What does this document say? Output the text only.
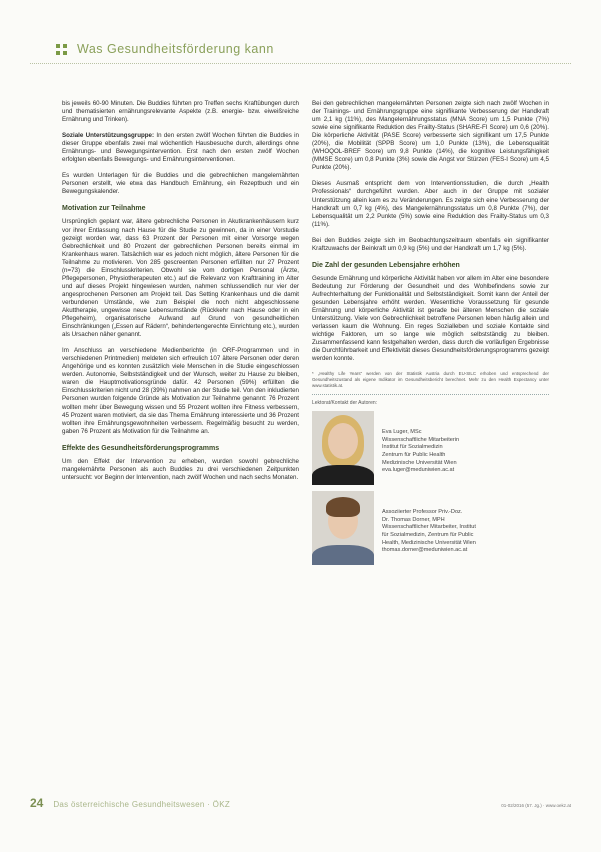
Was Gesundheitsförderung kann

bis jeweils 60-90 Minuten. Die Buddies führten pro Treffen sechs Kraftübungen durch und thematisierten ernährungsrelevante Aspekte (z.B. energie- bzw. eiweißreiche Ernährung und Trinken).

Soziale Unterstützungsgruppe: In den ersten zwölf Wochen führten die Buddies in dieser Gruppe ebenfalls zwei mal wöchentlich Hausbesuche durch, allerdings ohne Ernährungs- und Bewegungsintervention. Erst nach den ersten zwölf Wochen erfolgten ebenfalls Bewegungs- und Ernährungsinterventionen.

Es wurden Unterlagen für die Buddies und die gebrechlichen mangelernährten Personen erstellt, wie etwa das Handbuch Ernährung, ein Rezeptbuch und ein Bewegungskalender.

Motivation zur Teilnahme

Ursprünglich geplant war, ältere gebrechliche Personen in Akutkrankenhäusern kurz vor ihrer Entlassung nach Hause für die Studie zu gewinnen, da in einer Vorstudie gezeigt worden war, dass 63 Prozent der Personen mit einer Vorsorge wegen Gebrechlichkeit und 80 Prozent der gebrechlichen Personen bereits einmal im Krankenhaus waren. Tatsächlich war es jedoch nicht möglich, ältere Personen für die Teilnahme zu motivieren. Von 285 gescreenten Personen erfüllten nur 27 Prozent (n=73) die Einschlusskriterien. Obwohl sie vom dortigen Personal (Ärzte, Pflegepersonen, Physiotherapeuten etc.) auf die Relevanz von Krafttraining im Alter und auf dieses Projekt hingewiesen wurden, nahmen schlussendlich nur vier der angesprochenen Personen am Projekt teil. Das Setting Krankenhaus und die damit verbundenen Umstände, wie zum Beispiel die noch nicht abgeschlossene Akuttherapie, ungewisse neue Lebensumstände (Rückkehr nach Hause oder in ein Pflegeheim), organisatorische Aufwand auf Grund von gesundheitlichen Einschränkungen („Essen auf Rädern“, behindertengerechte Einrichtung etc.), wurden als Ursachen näher genannt.

Im Anschluss an verschiedene Medienberichte (in ORF-Programmen und in verschiedenen Printmedien) meldeten sich erfreulich 107 ältere Personen oder deren Angehörige und es konnten zusätzlich viele Menschen in die Studie eingeschlossen werden. Autonomie, Selbstständigkeit und der Wunsch, weiter zu Hause zu bleiben, waren die Hauptmotivationsgründe dafür. 42 Personen (59%) erfüllten die Einschlusskriterien nicht und 28 (39%) nahmen an der Studie teil. Von den inkludierten Personen wurden folgende Gründe als Motivation zur Teilnahme genannt: 76 Prozent wollten mehr über Bewegung wissen und 55 Prozent wollten ihre Fitness verbessern, 45 Prozent waren motiviert, da sie das Thema Ernährung interessierte und 36 Prozent wollten ihre Ernährungsgewohnheiten verbessern. Regelmäßig besucht zu werden, gaben 76 Prozent als Motivation für die Teilnahme an.

Effekte des Gesundheitsförderungsprogramms

Um den Effekt der Intervention zu erheben, wurden sowohl gebrechliche mangelernährte Personen als auch Buddies zu drei verschiedenen Zeitpunkten untersucht: vor Beginn der Intervention, nach zwölf Wochen und nach sechs Monaten.

Bei den gebrechlichen mangelernährten Personen zeigte sich nach zwölf Wochen in der Trainings- und Ernährungsgruppe eine signifikante Verbesserung der Handkraft um 2,1 kg (11%), des Mangelernährungsstatus (MNA Score) um 1,5 Punkte (7%) sowie eine signifikante Reduktion des Frailty-Status (SHARE-FI Score) um 0,6 (20%). Die körperliche Aktivität (PASE Score) verbesserte sich signifikant um 17,5 Punkte (20%), die Mobilität (SPPB Score) um 1,0 Punkte (13%), die Lebensqualität (WHOQOL-BREF Score) um 9,8 Punkte (14%), die kognitive Leistungsfähigkeit (MMSE Score) um 0,8 Punkte (3%) sowie die Angst vor Stürzen (FES-I Score) um 4,5 Punkte (20%).

Dieses Ausmaß entspricht dem von Interventionsstudien, die durch „Health Professionals“ durchgeführt wurden. Aber auch in der Gruppe mit sozialer Unterstützung allein kam es zu Veränderungen. Es zeigte sich eine Verbesserung der Handkraft um 0,7 kg (4%), des Mangelernährungsstatus um 0,8 Punkte (7%), der Lebensqualität um 2,2 Punkte (5%) sowie eine Reduktion des Frailty-Status um 0,3 (11%).

Bei den Buddies zeigte sich im Beobachtungszeitraum ebenfalls ein signifikanter Kraftzuwachs der Beinkraft um 0,9 kg (5%) und der Handkraft um 1,7 kg (5%).

Die Zahl der gesunden Lebensjahre erhöhen

Gesunde Ernährung und körperliche Aktivität haben vor allem im Alter eine besondere Bedeutung zur Förderung der Gesundheit und des Wohlbefindens sowie zur Aufrechterhaltung der Funktionalität und Selbstständigkeit. Somit kann der Anteil der gesunden Lebensjahre erhöht werden. Wesentliche Voraussetzung für gesunde Ernährung und körperliche Aktivität ist gerade bei älteren Menschen die soziale Unterstützung. Viele von Gebrechlichkeit betroffene Personen leben häufig allein und verlassen kaum die Wohnung. Ein reges Sozialleben und soziale Kontakte sind wichtige Faktoren, um so lange wie möglich selbstständig zu bleiben. Zusammenfassend kann festgehalten werden, dass durch die vorläufigen Ergebnisse die Durchführbarkeit und Effektivität dieses Gesundheitsförderungsprogramms gezeigt werden konnte.

* „Healthy Life Years“ werden von der Statistik Austria durch EU-SILC erhoben und entsprechend der Gesundheitszustand als eigene Indikator im Gesundheitsbericht berechnet. Mehr zu den Health Expectancy unter www.statistik.at.
Lektorat/Kontakt der Autoren:
Eva Luger, MSc
Wissenschaftliche Mitarbeiterin
Institut für Sozialmedizin
Zentrum für Public Health
Medizinische Universität Wien
eva.luger@meduniwien.ac.at
Assoziierter Professor Priv.-Doz.
Dr. Thomas Dorner, MPH
Wissenschaftlicher Mitarbeiter, Institut
für Sozialmedizin, Zentrum für Public
Health, Medizinische Universität Wien
thomas.dorner@meduniwien.ac.at
24 Das österreichische Gesundheitswesen · ÖKZ	01-02/2016 (57. Jg.) · www.oekz.at
